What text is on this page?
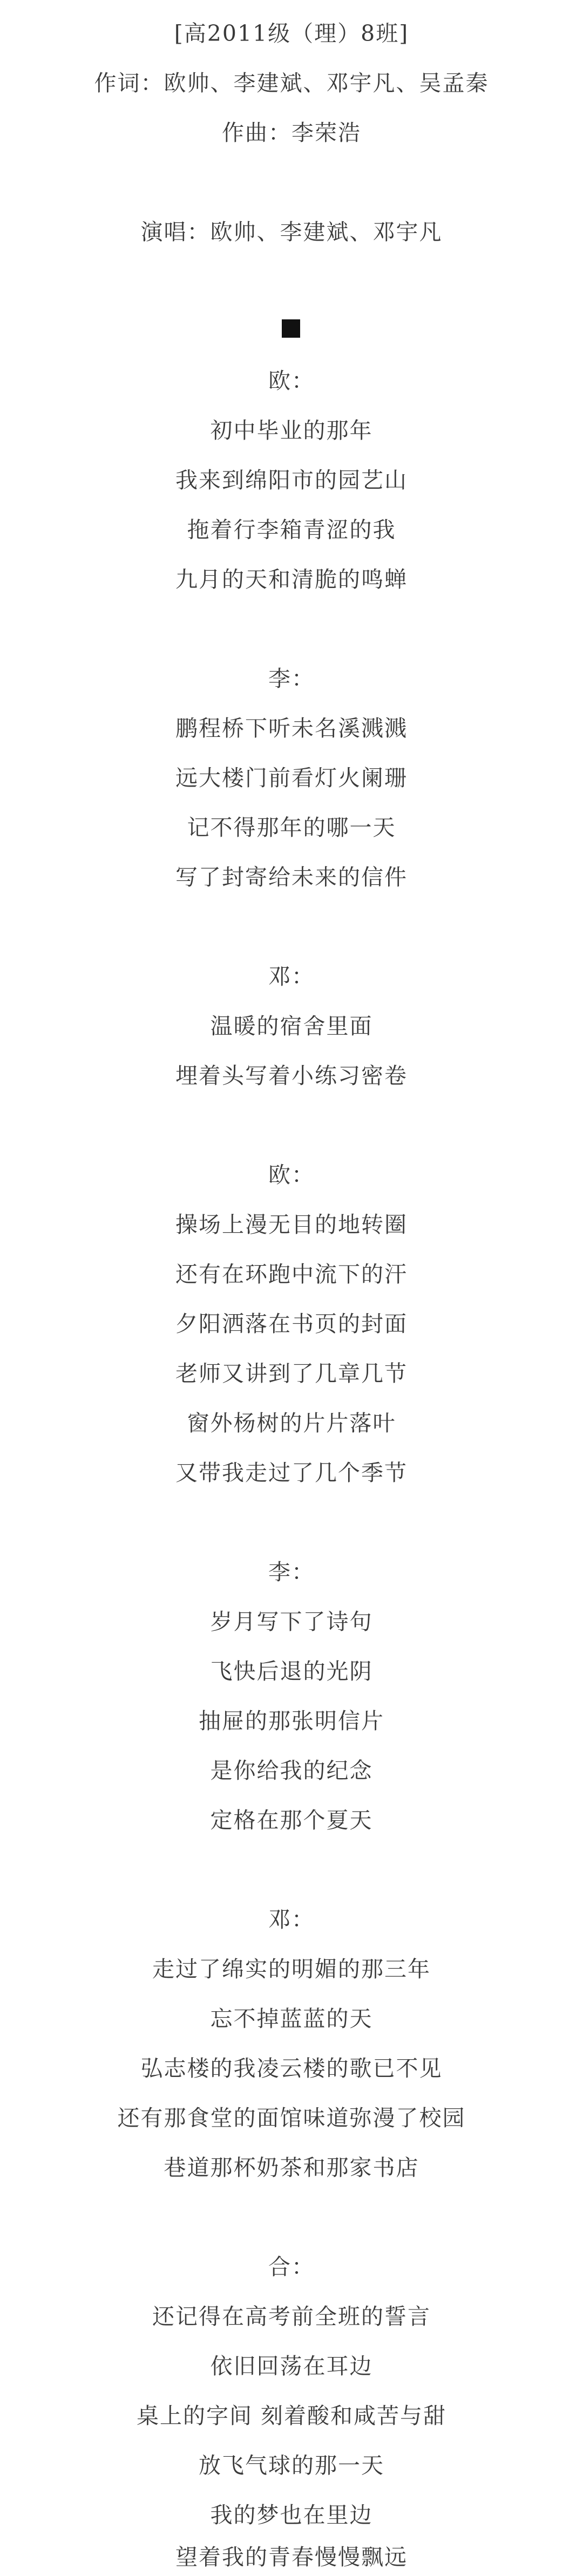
[高2011级（理）8班]
作词：欧帅、李建斌、邓宇凡、吴孟秦
作曲：李荣浩
演唱：欧帅、李建斌、邓宇凡
欧：
初中毕业的那年
我来到绵阳市的园艺山
拖着行李箱青涩的我
九月的天和清脆的鸣蝉
李：
鹏程桥下听未名溪溅溅
远大楼门前看灯火阑珊
记不得那年的哪一天
写了封寄给未来的信件
邓：
温暖的宿舍里面
埋着头写着小练习密卷
欧：
操场上漫无目的地转圈
还有在环跑中流下的汗
夕阳洒落在书页的封面
老师又讲到了几章几节
窗外杨树的片片落叶
又带我走过了几个季节
李：
岁月写下了诗句
飞快后退的光阴
抽屉的那张明信片
是你给我的纪念
定格在那个夏天
邓：
走过了绵实的明媚的那三年
忘不掉蓝蓝的天
弘志楼的我凌云楼的歌已不见
还有那食堂的面馆味道弥漫了校园
巷道那杯奶茶和那家书店
合：
还记得在高考前全班的誓言
依旧回荡在耳边
桌上的字间 刻着酸和咸苦与甜
放飞气球的那一天
我的梦也在里边
望着我的青春慢慢飘远
